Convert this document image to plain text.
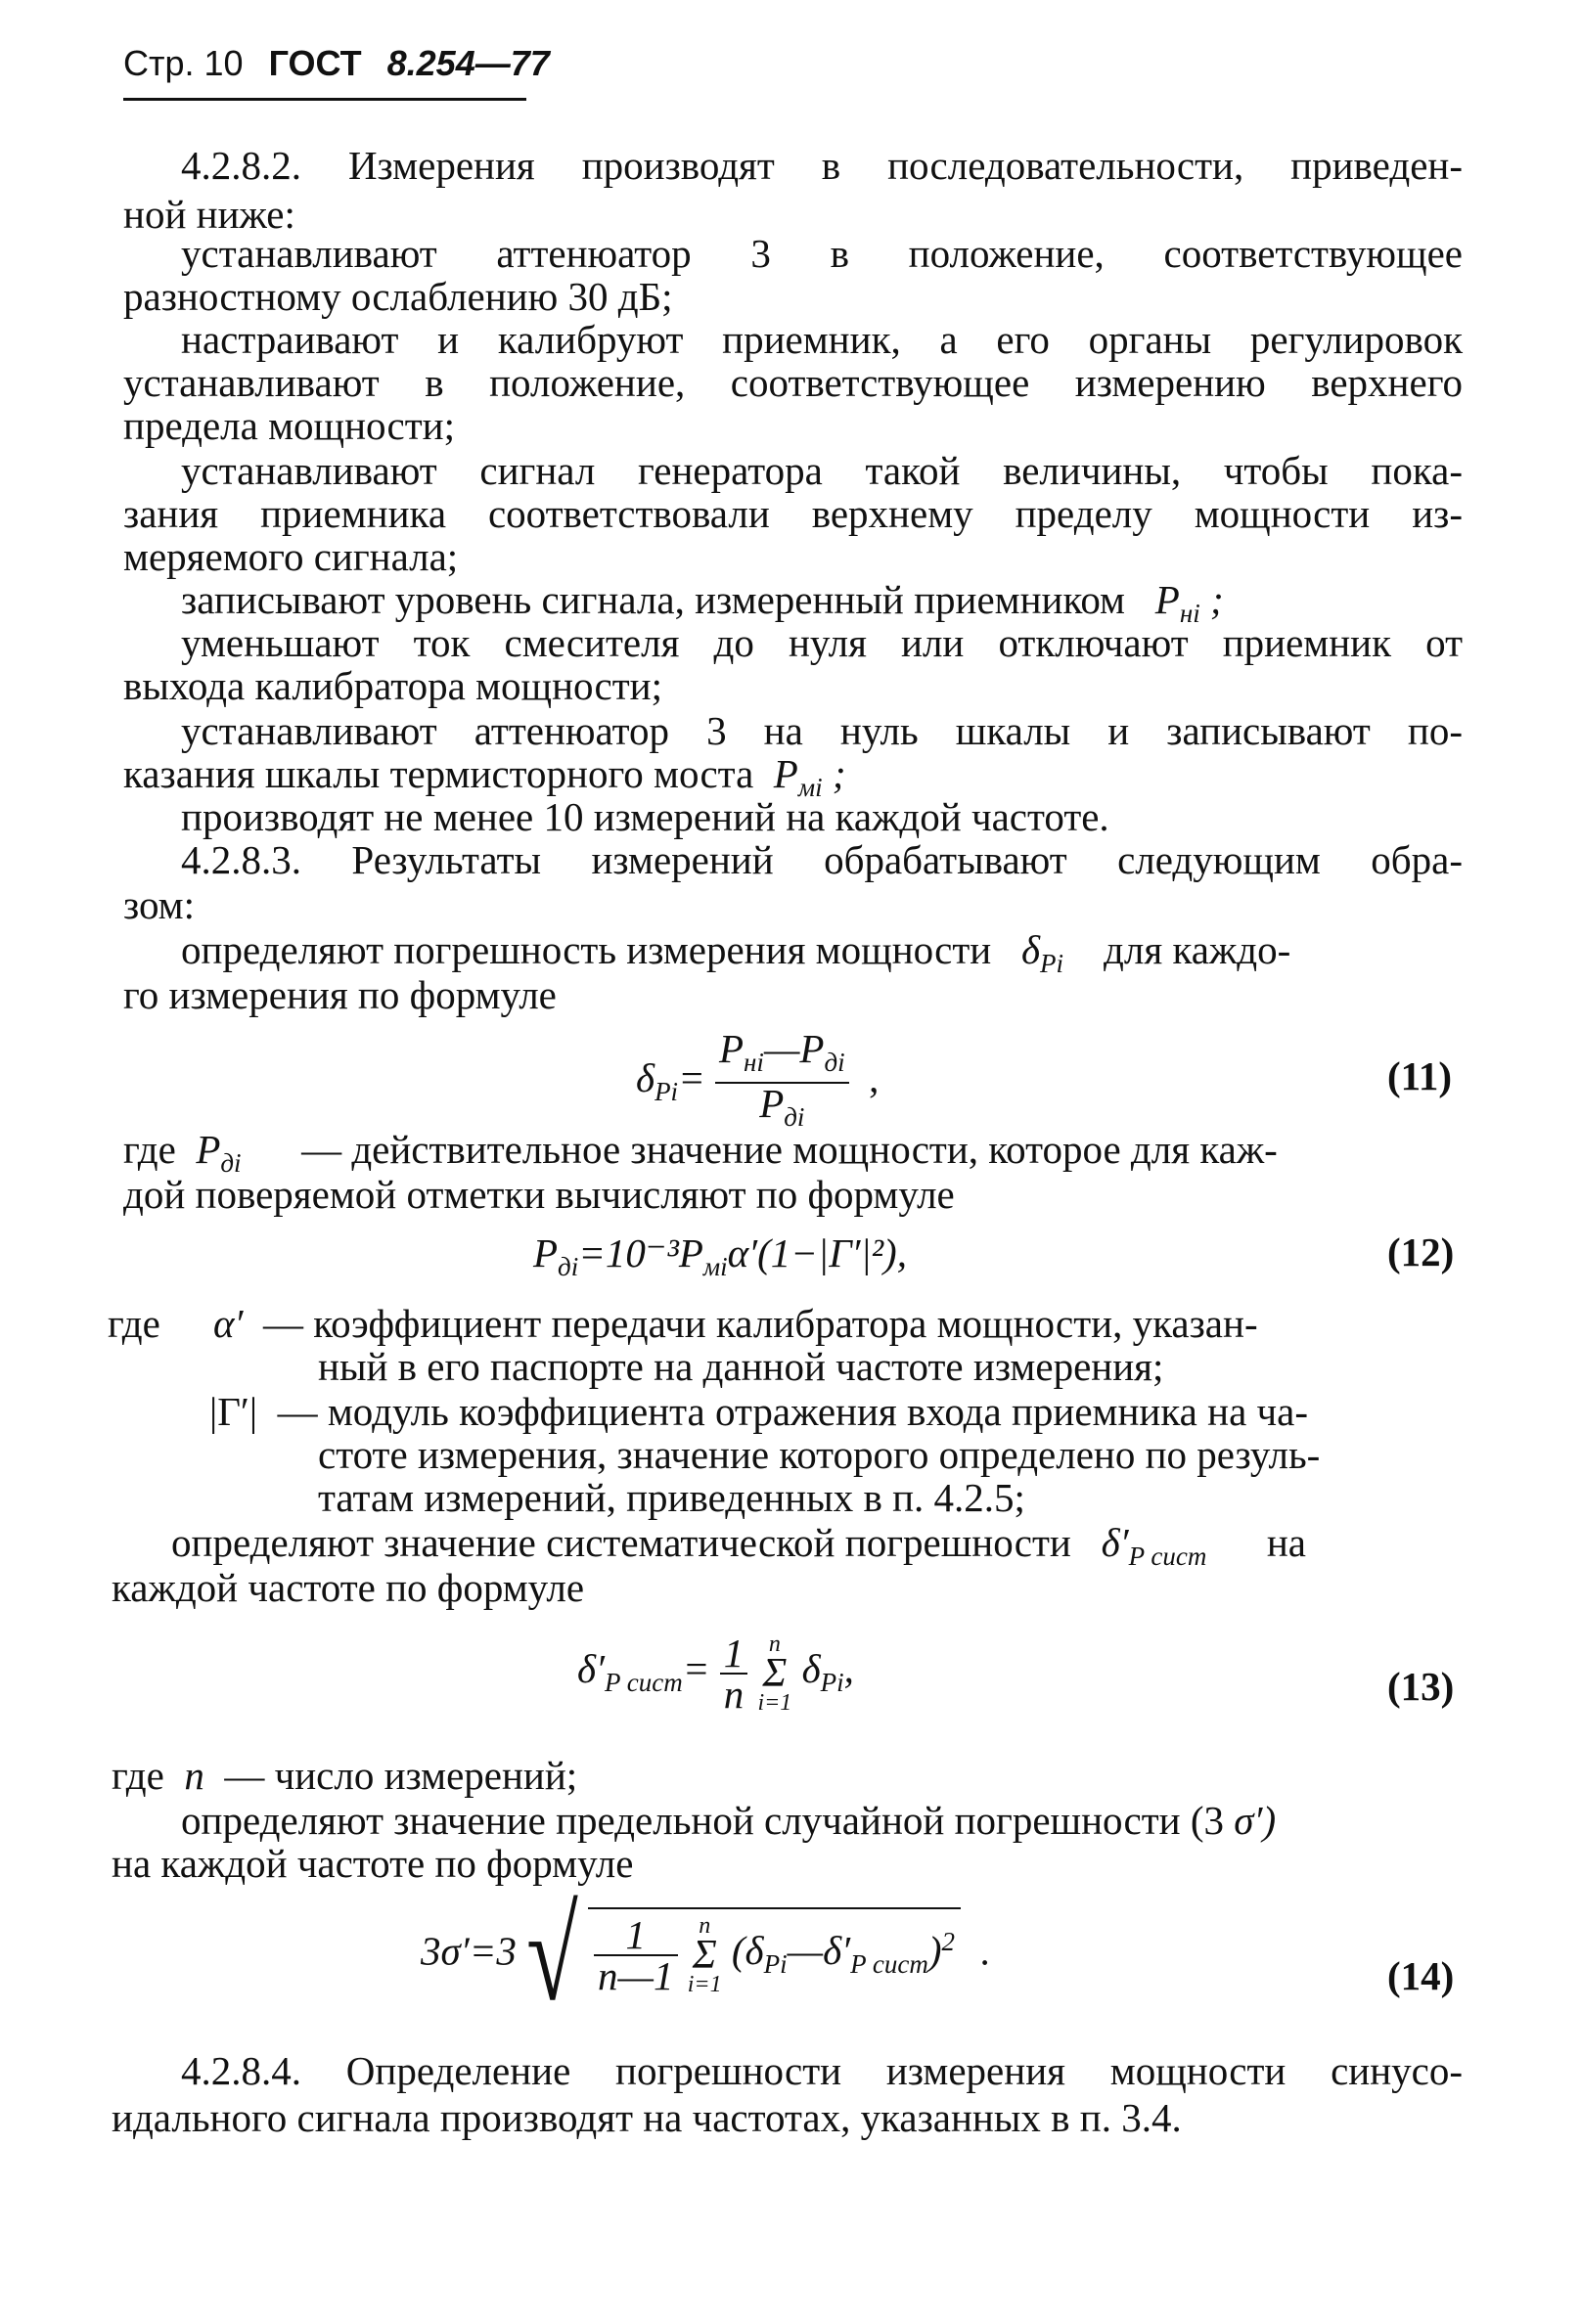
Стр. 10 ГОСТ 8.254—77
4.2.8.2. Измерения производят в последовательности, приведен-
ной ниже:
устанавливают аттенюатор 3 в положение, соответствующее
разностному ослаблению 30 дБ;
настраивают и калибруют приемник, а его органы регулировок
устанавливают в положение, соответствующее измерению верхнего
предела мощности;
устанавливают сигнал генератора такой величины, чтобы пока-
зания приемника соответствовали верхнему пределу мощности из-
меряемого сигнала;
записывают уровень сигнала, измеренный приемником   $P_{нi}$ ;
уменьшают ток смесителя до нуля или отключают приемник от
выхода калибратора мощности;
устанавливают аттенюатор 3 на нуль шкалы и записывают по-
казания шкалы термисторного моста  $P_{мi}$ ;
производят не менее 10 измерений на каждой частоте.
4.2.8.3. Результаты измерений обрабатывают следующим обра-
зом:
определяют погрешность измерения мощности   $\delta_{Pi}$ для каждо-
го измерения по формуле
$\delta_{Pi}= \frac{P_{нi}—P_{дi}}{P_{дi}}$ ,	(11)
где  $P_{дi}$ — действительное значение мощности, которое для каж-
дой поверяемой отметки вычисляют по формуле
$P_{дi}=10^{-3}P_{мi}\alpha'(1-|Г'|^2)$,	(12)
где α′  — коэффициент передачи калибратора мощности, указан-
ный в его паспорте на данной частоте измерения;
|Г′|  — модуль коэффициента отражения входа приемника на ча-
стоте измерения, значение которого определено по резуль-
татам измерений, приведенных в п. 4.2.5;
определяют значение систематической погрешности   $\delta'_{P сист}$ на
каждой частоте по формуле
$\delta'_{P сист}= \frac{1}{n}$
n
Σ
i=1
$\delta_{Pi}$,	(13)
где  n  — число измерений;
определяют значение предельной случайной погрешности (3 σ′)
на каждой частоте по формуле
3σ′=3 √ $\frac{1}{n—1}$
n
Σ
i=1
$(\delta_{Pi}—\delta'_{P сист})^2$  .
(14)
4.2.8.4. Определение погрешности измерения мощности синусо-
идального сигнала производят на частотах, указанных в п. 3.4.
